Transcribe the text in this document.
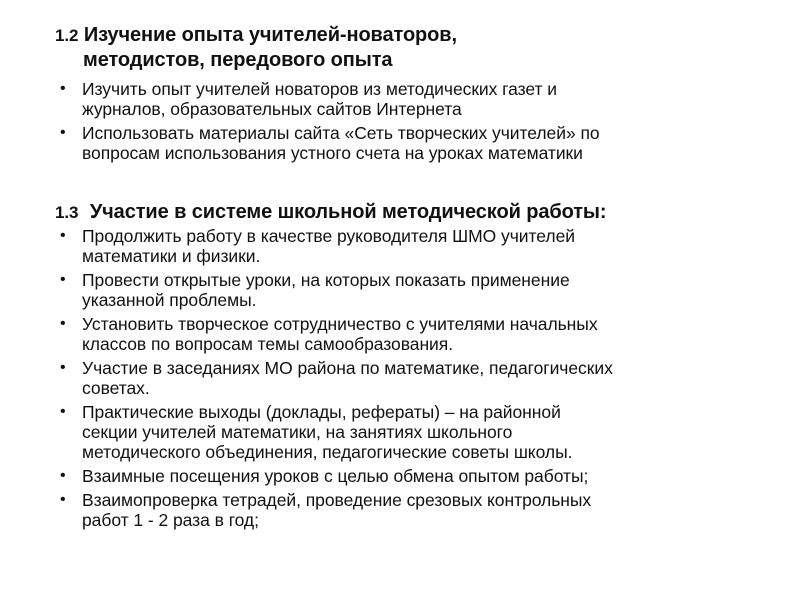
1.2 Изучение опыта учителей-новаторов,
методистов, передового опыта
• Изучить опыт учителей новаторов из методических газет и
журналов, образовательных сайтов Интернета
• Использовать материалы сайта «Сеть творческих учителей» по
вопросам использования устного счета на уроках математики
1.3 Участие в системе школьной методической работы:
• Продолжить работу в качестве руководителя ШМО учителей
математики и физики.
• Провести открытые уроки, на которых показать применение
указанной проблемы.
• Установить творческое сотрудничество с учителями начальных
классов по вопросам темы самообразования.
• Участие в заседаниях МО района по математике, педагогических
советах.
• Практические выходы (доклады, рефераты) – на районной
секции учителей математики, на занятиях школьного
методического объединения, педагогические советы школы.
• Взаимные посещения уроков с целью обмена опытом работы;
• Взаимопроверка тетрадей, проведение срезовых контрольных
работ 1 - 2 раза в год;
